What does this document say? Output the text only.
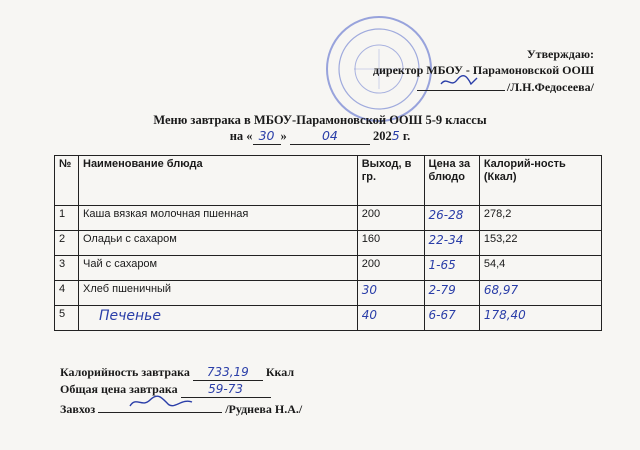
Утверждаю:
директор МБОУ - Парамоновской ООШ
/Л.Н.Федосеева/
Меню завтрака в МБОУ-Парамоновской ООШ 5-9 классы
на « 30 »	04	2025 г.
№	Наименование блюда	Выход, в гр.	Цена за блюдо	Калорий-ность (Ккал)
1	Каша вязкая молочная пшенная	200	26-28	278,2
2	Оладьи с сахаром	160	22-34	153,22
3	Чай с сахаром	200	1-65	54,4
4	Хлеб пшеничный	30	2-79	68,97
5	Печенье	40	6-67	178,40
Калорийность завтрака 733,19 Ккал
Общая цена завтрака	59-73
Завхоз	/Руднева Н.А./
